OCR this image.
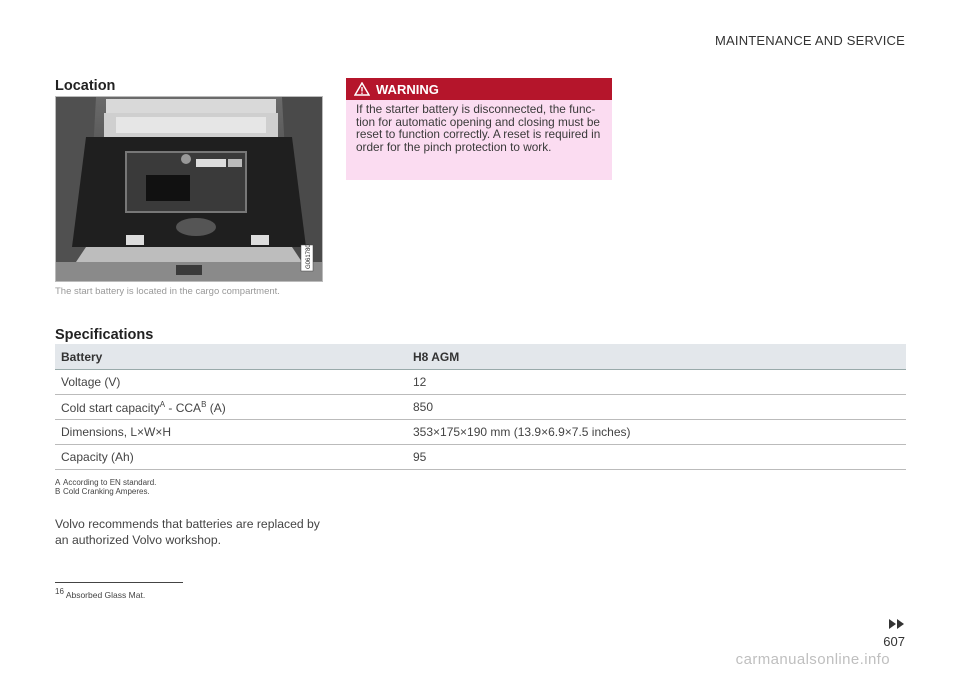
MAINTENANCE AND SERVICE
Location
G061780
The start battery is located in the cargo compartment.
WARNING
If the starter battery is disconnected, the func-tion for automatic opening and closing must be reset to function correctly. A reset is required in order for the pinch protection to work.
Specifications
Battery	H8 AGM
Voltage (V)	12
Cold start capacity$^A$ - $CCA^B$ (A)	850
Dimensions, L×W×H	353×175×190 mm (13.9×6.9×7.5 inches)
Capacity (Ah)	95
A According to EN standard.
B Cold Cranking Amperes.
Volvo recommends that batteries are replaced by an authorized Volvo workshop.
$^{16}$ Absorbed Glass Mat.
607
carmanualsonline.info
